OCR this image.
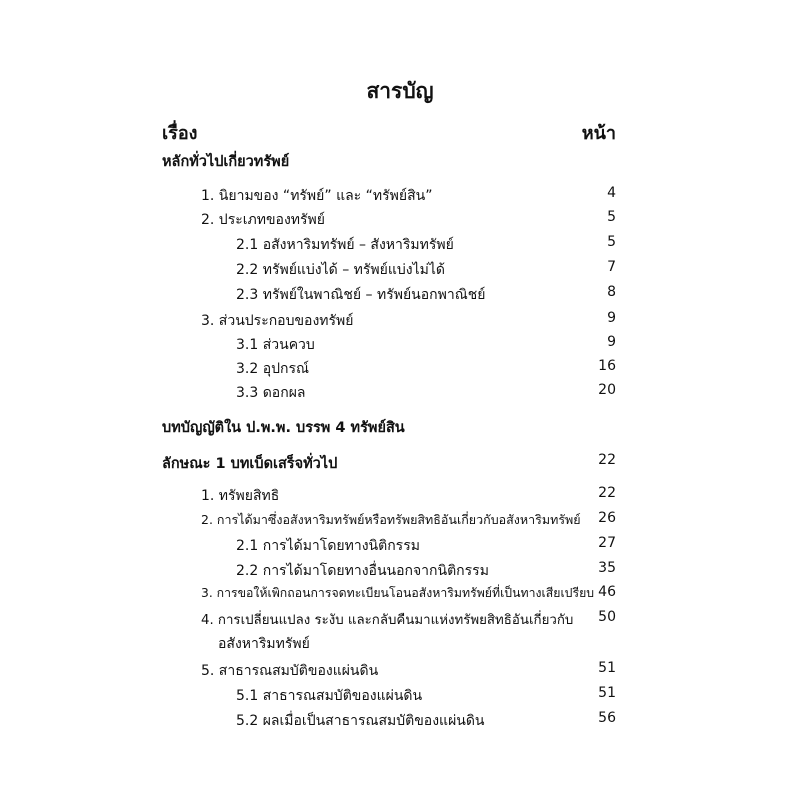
สารบัญ
เรื่อง	หน้า
หลักทั่วไปเกี่ยวทรัพย์
1. นิยามของ “ทรัพย์” และ “ทรัพย์สิน”	4
2. ประเภทของทรัพย์	5
2.1 อสังหาริมทรัพย์ – สังหาริมทรัพย์	5
2.2 ทรัพย์แบ่งได้ – ทรัพย์แบ่งไม่ได้	7
2.3 ทรัพย์ในพาณิชย์ – ทรัพย์นอกพาณิชย์	8
3. ส่วนประกอบของทรัพย์	9
3.1 ส่วนควบ	9
3.2 อุปกรณ์	16
3.3 ดอกผล	20
บทบัญญัติใน ป.พ.พ. บรรพ 4 ทรัพย์สิน
ลักษณะ 1 บทเบ็ดเสร็จทั่วไป	22
1. ทรัพยสิทธิ	22
2. การได้มาซึ่งอสังหาริมทรัพย์หรือทรัพยสิทธิอันเกี่ยวกับอสังหาริมทรัพย์ 26
2.1 การได้มาโดยทางนิติกรรม	27
2.2 การได้มาโดยทางอื่นนอกจากนิติกรรม	35
3. การขอให้เพิกถอนการจดทะเบียนโอนอสังหาริมทรัพย์ที่เป็นทางเสียเปรียบ 46
4. การเปลี่ยนแปลง ระงับ และกลับคืนมาแห่งทรัพยสิทธิอันเกี่ยวกับ 50
อสังหาริมทรัพย์
5. สาธารณสมบัติของแผ่นดิน	51
5.1 สาธารณสมบัติของแผ่นดิน	51
5.2 ผลเมื่อเป็นสาธารณสมบัติของแผ่นดิน	56
